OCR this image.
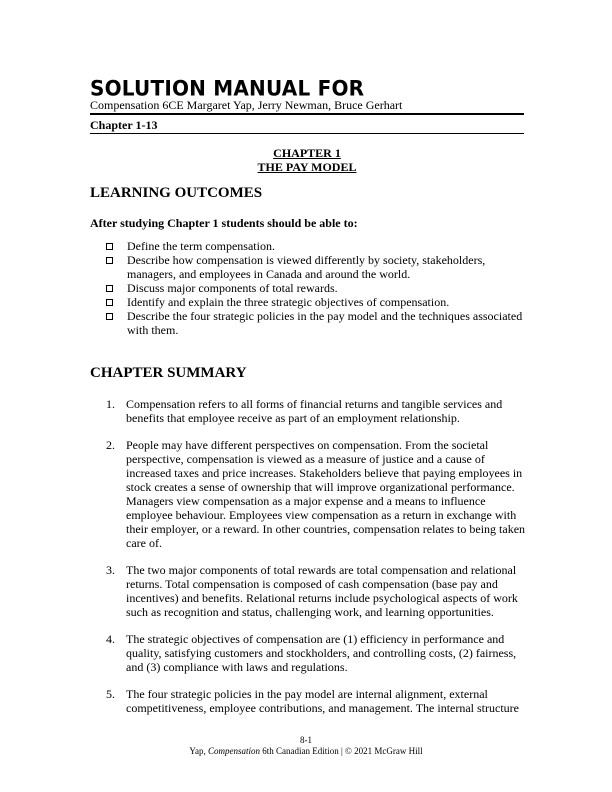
SOLUTION MANUAL FOR
Compensation 6CE Margaret Yap, Jerry Newman, Bruce Gerhart
Chapter 1-13
CHAPTER 1
THE PAY MODEL
LEARNING OUTCOMES
After studying Chapter 1 students should be able to:
Define the term compensation.
Describe how compensation is viewed differently by society, stakeholders, managers, and employees in Canada and around the world.
Discuss major components of total rewards.
Identify and explain the three strategic objectives of compensation.
Describe the four strategic policies in the pay model and the techniques associated with them.
CHAPTER SUMMARY
1. Compensation refers to all forms of financial returns and tangible services and benefits that employee receive as part of an employment relationship.
2. People may have different perspectives on compensation. From the societal perspective, compensation is viewed as a measure of justice and a cause of increased taxes and price increases. Stakeholders believe that paying employees in stock creates a sense of ownership that will improve organizational performance. Managers view compensation as a major expense and a means to influence employee behaviour. Employees view compensation as a return in exchange with their employer, or a reward. In other countries, compensation relates to being taken care of.
3. The two major components of total rewards are total compensation and relational returns. Total compensation is composed of cash compensation (base pay and incentives) and benefits. Relational returns include psychological aspects of work such as recognition and status, challenging work, and learning opportunities.
4. The strategic objectives of compensation are (1) efficiency in performance and quality, satisfying customers and stockholders, and controlling costs, (2) fairness, and (3) compliance with laws and regulations.
5. The four strategic policies in the pay model are internal alignment, external competitiveness, employee contributions, and management. The internal structure
8-1
Yap, Compensation 6th Canadian Edition | © 2021 McGraw Hill
